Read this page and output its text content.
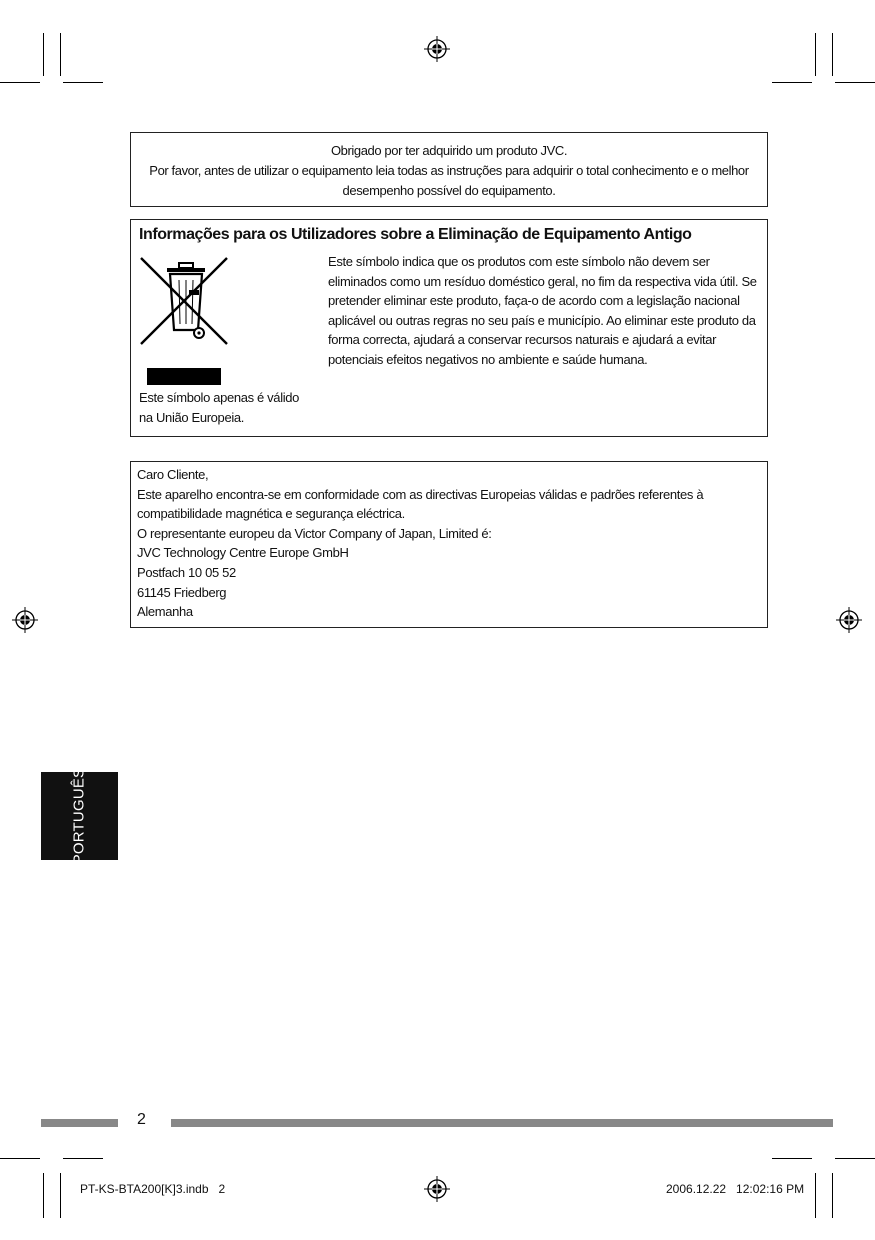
Obrigado por ter adquirido um produto JVC.
Por favor, antes de utilizar o equipamento leia todas as instruções para adquirir o total conhecimento e o melhor
desempenho possível do equipamento.
Informações para os Utilizadores sobre a Eliminação de Equipamento Antigo
Este símbolo indica que os produtos com este símbolo não devem ser eliminados como um resíduo doméstico geral, no fim da respectiva vida útil. Se pretender eliminar este produto, faça-o de acordo com a legislação nacional aplicável ou outras regras no seu país e município. Ao eliminar este produto da forma correcta, ajudará a conservar recursos naturais e ajudará a evitar potenciais efeitos negativos no ambiente e saúde humana.
Este símbolo apenas é válido na União Europeia.
Caro Cliente,
Este aparelho encontra-se em conformidade com as directivas Europeias válidas e padrões referentes à
compatibilidade magnética e segurança eléctrica.
O representante europeu da Victor Company of Japan, Limited é:
JVC Technology Centre Europe GmbH
Postfach 10 05 52
61145 Friedberg
Alemanha
PORTUGUÊS
2
PT-KS-BTA200[K]3.indb   2	2006.12.22   12:02:16 PM
